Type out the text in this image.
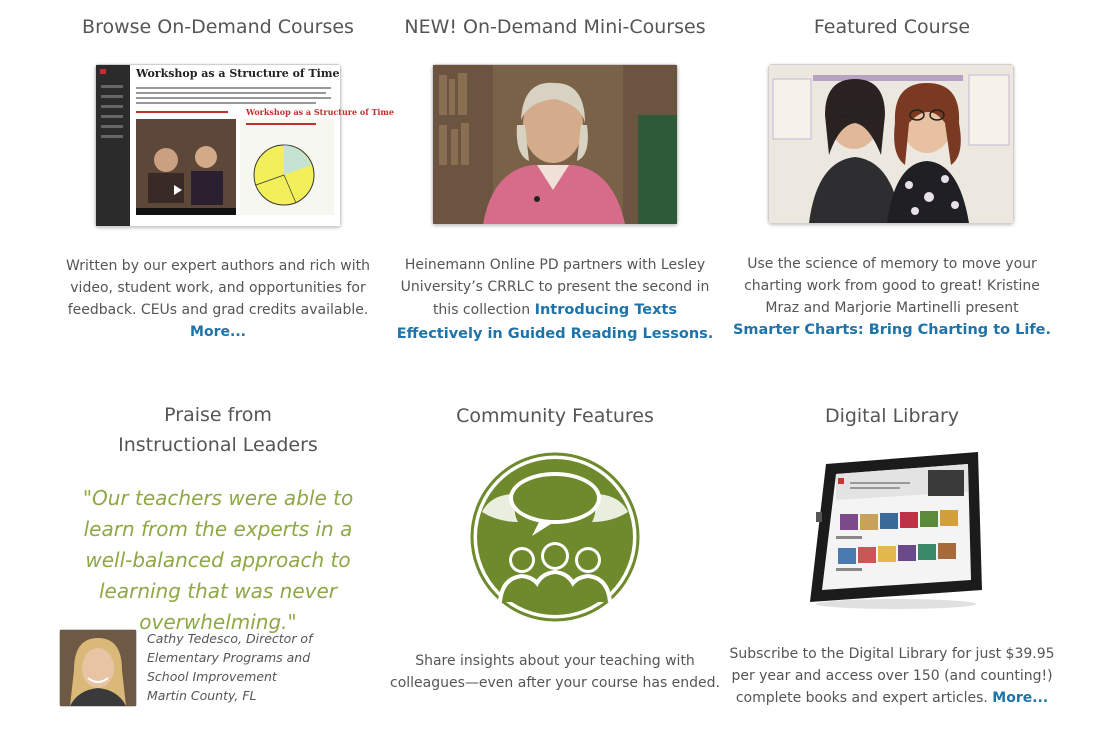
Browse On-Demand Courses
Workshop as a Structure of Time
Workshop as a Structure of Time
Written by our expert authors and rich with video, student work, and opportunities for feedback. CEUs and grad credits available. More...
NEW! On-Demand Mini-Courses
Heinemann Online PD partners with Lesley University’s CRRLC to present the second in this collection Introducing Texts Effectively in Guided Reading Lessons.
Featured Course
Use the science of memory to move your charting work from good to great! Kristine Mraz and Marjorie Martinelli present
Smarter Charts: Bring Charting to Life.
Praise from
Instructional Leaders
"Our teachers were able to learn from the experts in a well-balanced approach to learning that was never overwhelming."
Cathy Tedesco, Director of
Elementary Programs and
School Improvement
Martin County, FL
Community Features
Share insights about your teaching with colleagues—even after your course has ended.
Digital Library
Subscribe to the Digital Library for just $39.95 per year and access over 150 (and counting!) complete books and expert articles. More...
